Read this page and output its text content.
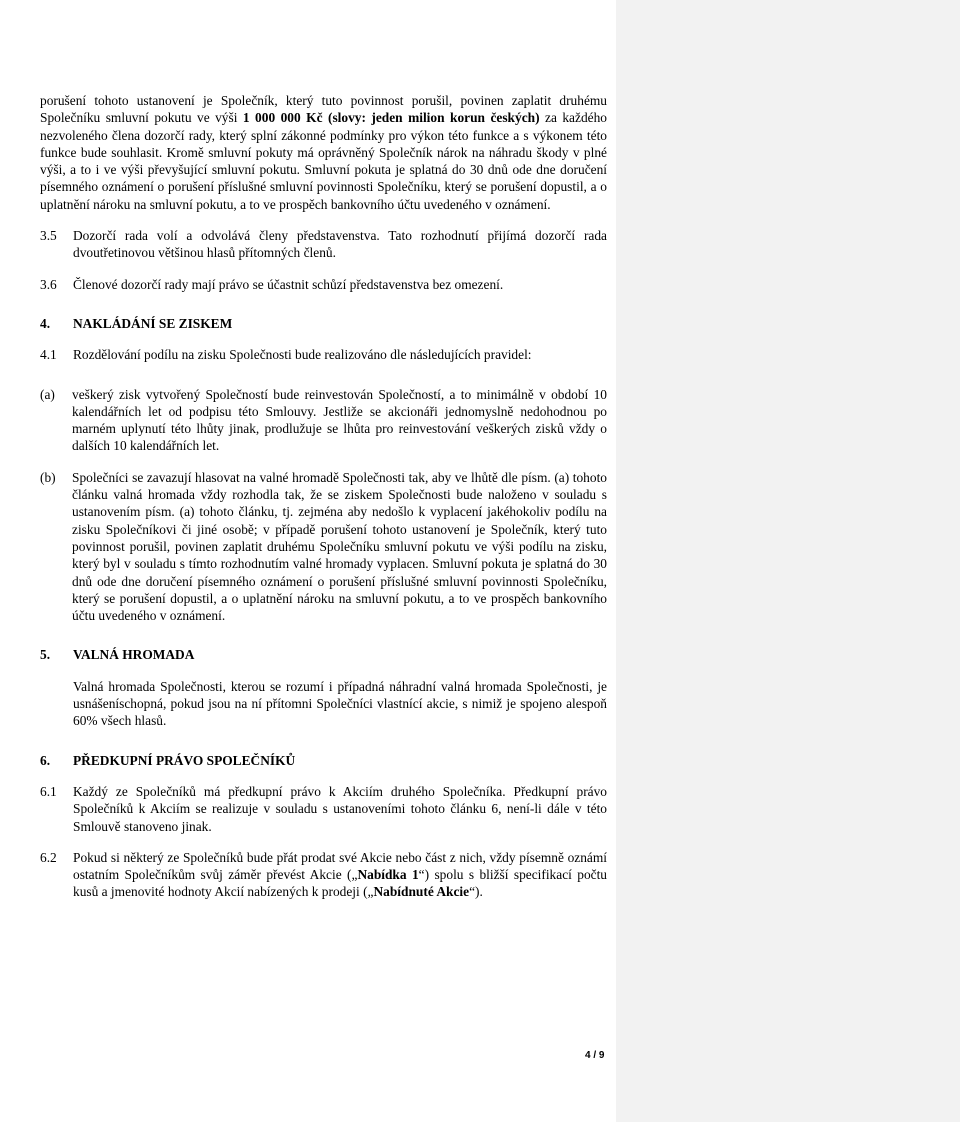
porušení tohoto ustanovení je Společník, který tuto povinnost porušil, povinen zaplatit druhému Společníku smluvní pokutu ve výši 1 000 000 Kč (slovy: jeden milion korun českých) za každého nezvoleného člena dozorčí rady, který splní zákonné podmínky pro výkon této funkce a s výkonem této funkce bude souhlasit. Kromě smluvní pokuty má oprávněný Společník nárok na náhradu škody v plné výši, a to i ve výši převyšující smluvní pokutu. Smluvní pokuta je splatná do 30 dnů ode dne doručení písemného oznámení o porušení příslušné smluvní povinnosti Společníku, který se porušení dopustil, a o uplatnění nároku na smluvní pokutu, a to ve prospěch bankovního účtu uvedeného v oznámení.

3.5	Dozorčí rada volí a odvolává členy představenstva. Tato rozhodnutí přijímá dozorčí rada dvoutřetinovou většinou hlasů přítomných členů.
3.6	Členové dozorčí rady mají právo se účastnit schůzí představenstva bez omezení.
4.	NAKLÁDÁNÍ SE ZISKEM
4.1	Rozdělování podílu na zisku Společnosti bude realizováno dle následujících pravidel:
(a)	veškerý zisk vytvořený Společností bude reinvestován Společností, a to minimálně v období 10 kalendářních let od podpisu této Smlouvy. Jestliže se akcionáři jednomyslně nedohodnou po marném uplynutí této lhůty jinak, prodlužuje se lhůta pro reinvestování veškerých zisků vždy o dalších 10 kalendářních let.
(b)	Společníci se zavazují hlasovat na valné hromadě Společnosti tak, aby ve lhůtě dle písm. (a) tohoto článku valná hromada vždy rozhodla tak, že se ziskem Společnosti bude naloženo v souladu s ustanovením písm. (a) tohoto článku, tj. zejména aby nedošlo k vyplacení jakéhokoliv podílu na zisku Společníkovi či jiné osobě; v případě porušení tohoto ustanovení je Společník, který tuto povinnost porušil, povinen zaplatit druhému Společníku smluvní pokutu ve výši podílu na zisku, který byl v souladu s tímto rozhodnutím valné hromady vyplacen. Smluvní pokuta je splatná do 30 dnů ode dne doručení písemného oznámení o porušení příslušné smluvní povinnosti Společníku, který se porušení dopustil, a o uplatnění nároku na smluvní pokutu, a to ve prospěch bankovního účtu uvedeného v oznámení.
5.	VALNÁ HROMADA
Valná hromada Společnosti, kterou se rozumí i případná náhradní valná hromada Společnosti, je usnášeníschopná, pokud jsou na ní přítomni Společníci vlastnící akcie, s nimiž je spojeno alespoň 60% všech hlasů.
6.	PŘEDKUPNÍ PRÁVO SPOLEČNÍKŮ
6.1	Každý ze Společníků má předkupní právo k Akciím druhého Společníka. Předkupní právo Společníků k Akciím se realizuje v souladu s ustanoveními tohoto článku 6, není-li dále v této Smlouvě stanoveno jinak.
6.2	Pokud si některý ze Společníků bude přát prodat své Akcie nebo část z nich, vždy písemně oznámí ostatním Společníkům svůj záměr převést Akcie („Nabídka 1“) spolu s bližší specifikací počtu kusů a jmenovité hodnoty Akcií nabízených k prodeji („Nabídnuté Akcie“).
4 / 9
